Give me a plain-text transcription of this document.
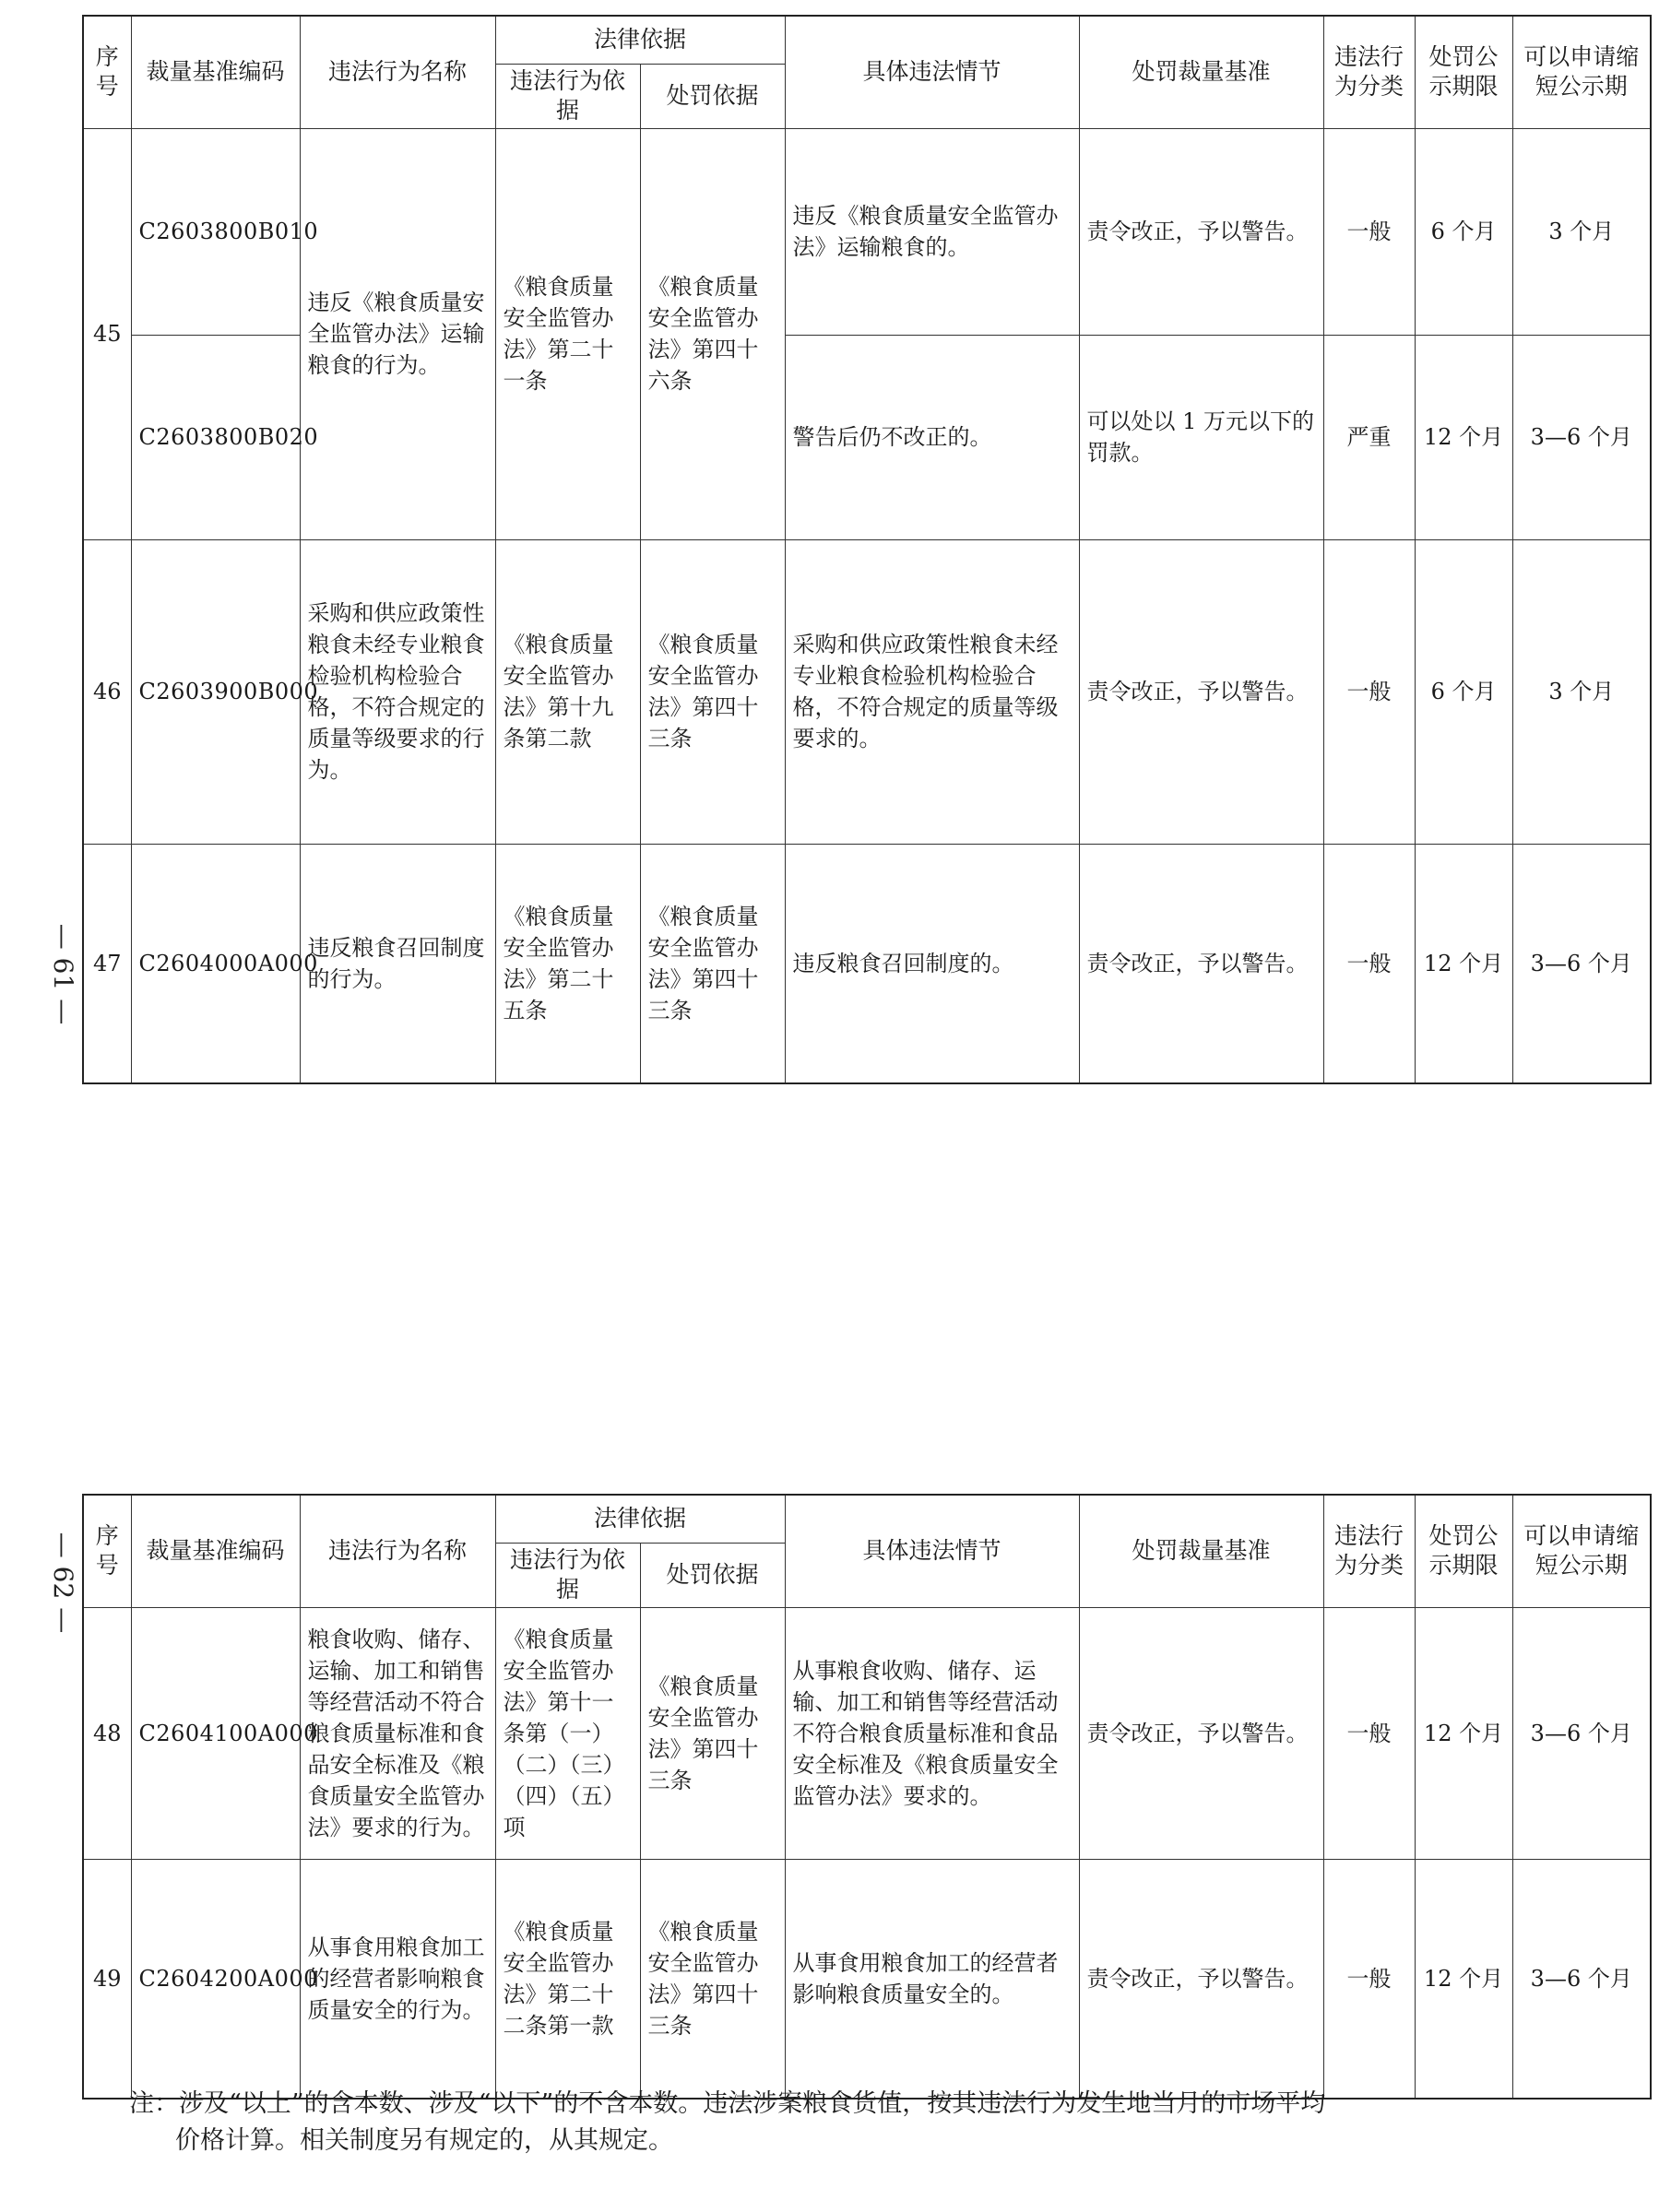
— 61 —
— 62 —
序号	裁量基准编码	违法行为名称	法律依据		具体违法情节	处罚裁量基准	违法行为分类	处罚公示期限	可以申请缩短公示期
			违法行为依据	处罚依据					
45	C2603800B010	违反《粮食质量安全监管办法》运输粮食的行为。	《粮食质量安全监管办法》第二十一条	《粮食质量安全监管办法》第四十六条	违反《粮食质量安全监管办法》运输粮食的。	责令改正，予以警告。	一般	6 个月	3 个月
	C2603800B020				警告后仍不改正的。	可以处以 1 万元以下的罚款。	严重	12 个月	3—6 个月
46	C2603900B000	采购和供应政策性粮食未经专业粮食检验机构检验合格，不符合规定的质量等级要求的行为。	《粮食质量安全监管办法》第十九条第二款	《粮食质量安全监管办法》第四十三条	采购和供应政策性粮食未经专业粮食检验机构检验合格，不符合规定的质量等级要求的。	责令改正，予以警告。	一般	6 个月	3 个月
47	C2604000A000	违反粮食召回制度的行为。	《粮食质量安全监管办法》第二十五条	《粮食质量安全监管办法》第四十三条	违反粮食召回制度的。	责令改正，予以警告。	一般	12 个月	3—6 个月
序号	裁量基准编码	违法行为名称	法律依据		具体违法情节	处罚裁量基准	违法行为分类	处罚公示期限	可以申请缩短公示期
			违法行为依据	处罚依据					
48	C2604100A000	粮食收购、储存、运输、加工和销售等经营活动不符合粮食质量标准和食品安全标准及《粮食质量安全监管办法》要求的行为。	《粮食质量安全监管办法》第十一条第（一）（二）（三）（四）（五）项	《粮食质量安全监管办法》第四十三条	从事粮食收购、储存、运输、加工和销售等经营活动不符合粮食质量标准和食品安全标准及《粮食质量安全监管办法》要求的。	责令改正，予以警告。	一般	12 个月	3—6 个月
49	C2604200A000	从事食用粮食加工的经营者影响粮食质量安全的行为。	《粮食质量安全监管办法》第二十二条第一款	《粮食质量安全监管办法》第四十三条	从事食用粮食加工的经营者影响粮食质量安全的。	责令改正，予以警告。	一般	12 个月	3—6 个月
注：涉及“以上”的含本数、涉及“以下”的不含本数。违法涉案粮食货值，按其违法行为发生地当月的市场平均
价格计算。相关制度另有规定的，从其规定。
